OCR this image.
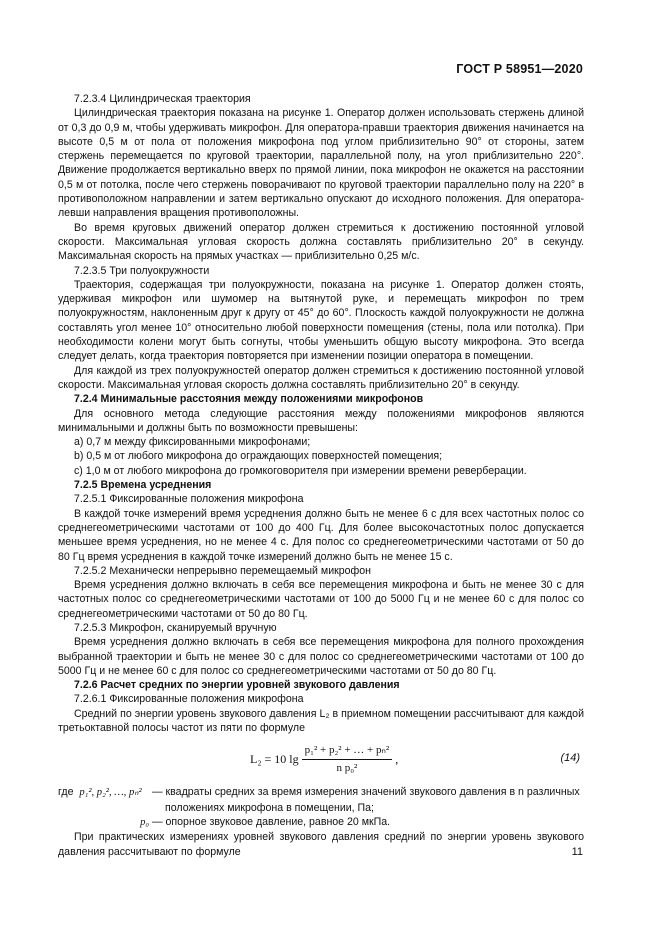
ГОСТ Р 58951—2020

7.2.3.4 Цилиндрическая траектория

Цилиндрическая траектория показана на рисунке 1. Оператор должен использовать стержень длиной от 0,3 до 0,9 м, чтобы удерживать микрофон. Для оператора-правши траектория движения начинается на высоте 0,5 м от пола от положения микрофона под углом приблизительно 90° от стороны, затем стержень перемещается по круговой траектории, параллельной полу, на угол приблизительно 220°. Движение продолжается вертикально вверх по прямой линии, пока микрофон не окажется на расстоянии 0,5 м от потолка, после чего стержень поворачивают по круговой траектории параллельно полу на 220° в противоположном направлении и затем вертикально опускают до исходного положения. Для оператора-левши направления вращения противоположны.

Во время круговых движений оператор должен стремиться к достижению постоянной угловой скорости. Максимальная угловая скорость должна составлять приблизительно 20° в секунду. Максимальная скорость на прямых участках — приблизительно 0,25 м/с.

7.2.3.5 Три полуокружности

Траектория, содержащая три полуокружности, показана на рисунке 1. Оператор должен стоять, удерживая микрофон или шумомер на вытянутой руке, и перемещать микрофон по трем полуокружностям, наклоненным друг к другу от 45° до 60°. Плоскость каждой полуокружности не должна составлять угол менее 10° относительно любой поверхности помещения (стены, пола или потолка). При необходимости колени могут быть согнуты, чтобы уменьшить общую высоту микрофона. Это всегда следует делать, когда траектория повторяется при изменении позиции оператора в помещении.

Для каждой из трех полуокружностей оператор должен стремиться к достижению постоянной угловой скорости. Максимальная угловая скорость должна составлять приблизительно 20° в секунду.

7.2.4 Минимальные расстояния между положениями микрофонов

Для основного метода следующие расстояния между положениями микрофонов являются минимальными и должны быть по возможности превышены:

а) 0,7 м между фиксированными микрофонами;

b) 0,5 м от любого микрофона до ограждающих поверхностей помещения;

c) 1,0 м от любого микрофона до громкоговорителя при измерении времени реверберации.

7.2.5 Времена усреднения

7.2.5.1 Фиксированные положения микрофона

В каждой точке измерений время усреднения должно быть не менее 6 с для всех частотных полос со среднегеометрическими частотами от 100 до 400 Гц. Для более высокочастотных полос допускается меньшее время усреднения, но не менее 4 с. Для полос со среднегеометрическими частотами от 50 до 80 Гц время усреднения в каждой точке измерений должно быть не менее 15 с.

7.2.5.2 Механически непрерывно перемещаемый микрофон

Время усреднения должно включать в себя все перемещения микрофона и быть не менее 30 с для частотных полос со среднегеометрическими частотами от 100 до 5000 Гц и не менее 60 с для полос со среднегеометрическими частотами от 50 до 80 Гц.

7.2.5.3 Микрофон, сканируемый вручную

Время усреднения должно включать в себя все перемещения микрофона для полного прохождения выбранной траектории и быть не менее 30 с для полос со среднегеометрическими частотами от 100 до 5000 Гц и не менее 60 с для полос со среднегеометрическими частотами от 50 до 80 Гц.

7.2.6 Расчет средних по энергии уровней звукового давления

7.2.6.1 Фиксированные положения микрофона

Средний по энергии уровень звукового давления L₂ в приемном помещении рассчитывают для каждой третьоктавной полосы частот из пяти по формуле

L₂ = 10 $\lg \frac{\text{p₁² + p₂² + … + pₙ²}}{\text{n p₀²}}$ ,	(14)
где p₁², p₂², …, pₙ² — квадраты средних за время измерения значений звукового давления в n различных
положениях микрофона в помещении, Па;
p₀ — опорное звуковое давление, равное 20 мкПа.

При практических измерениях уровней звукового давления средний по энергии уровень звукового давления рассчитывают по формуле	11
